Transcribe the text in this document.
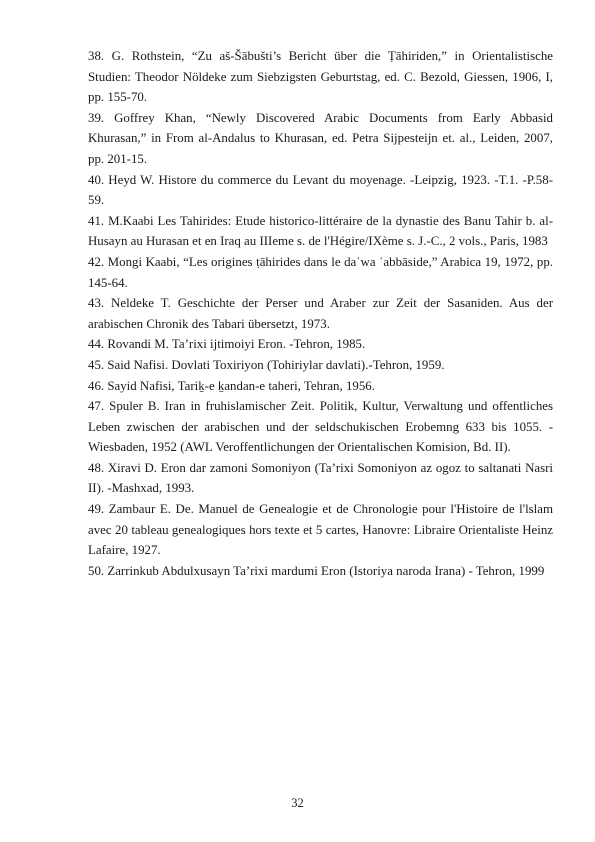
38. G. Rothstein, “Zu aš-Šābušti’s Bericht über die Ṭāhiriden,” in Orientalistische Studien: Theodor Nöldeke zum Siebzigsten Geburtstag, ed. C. Bezold, Giessen, 1906, I, pp. 155-70.

39. Goffrey Khan, “Newly Discovered Arabic Documents from Early Abbasid Khurasan,” in From al-Andalus to Khurasan, ed. Petra Sijpesteijn et. al., Leiden, 2007, pp. 201-15.

40. Heyd W. Histore du commerce du Levant du moyenage. -Leipzig, 1923. -T.1. -P.58-59.

41. M.Kaabi Les Tahirides: Etude historico-littéraire de la dynastie des Banu Tahir b. al-Husayn au Hurasan et en Iraq au IIIeme s. de l'Hégire/IXème s. J.-C., 2 vols., Paris, 1983

42. Mongi Kaabi, “Les origines ṭāhirides dans le daʿwa ʿabbāside,” Arabica 19, 1972, pp. 145-64.

43. Neldeke T. Geschichte der Perser und Araber zur Zeit der Sasaniden. Aus der arabischen Chronik des Tabari übersetzt, 1973.

44. Rovandi M. Ta’rixi ijtimoiyi Eron. -Tehron, 1985.

45. Said Nafisi. Dovlati Toxiriyon (Tohiriylar davlati).-Tehron, 1959.

46. Sayid Nafisi, Tariḵ-e ḵandan-e taheri, Tehran, 1956.

47. Spuler B. Iran in fruhislamischer Zeit. Politik, Kultur, Verwaltung und offentliches Leben zwischen der arabischen und der seldschukischen Erobemng 633 bis 1055. -Wiesbaden, 1952 (AWL Veroffentlichungen der Orientalischen Komision, Bd. II).

48. Xiravi D. Eron dar zamoni Somoniyon (Ta’rixi Somoniyon az ogoz to saltanati Nasri II). -Mashxad, 1993.

49. Zambaur E. De. Manuel de Genealogie et de Chronologie pour l'Histoire de l'lslam avec 20 tableau genealogiques hors texte et 5 cartes, Hanovre: Libraire Orientaliste Heinz Lafaire, 1927.

50. Zarrinkub Abdulxusayn Ta’rixi mardumi Eron (Istoriya naroda Irana) - Tehron, 1999

32
